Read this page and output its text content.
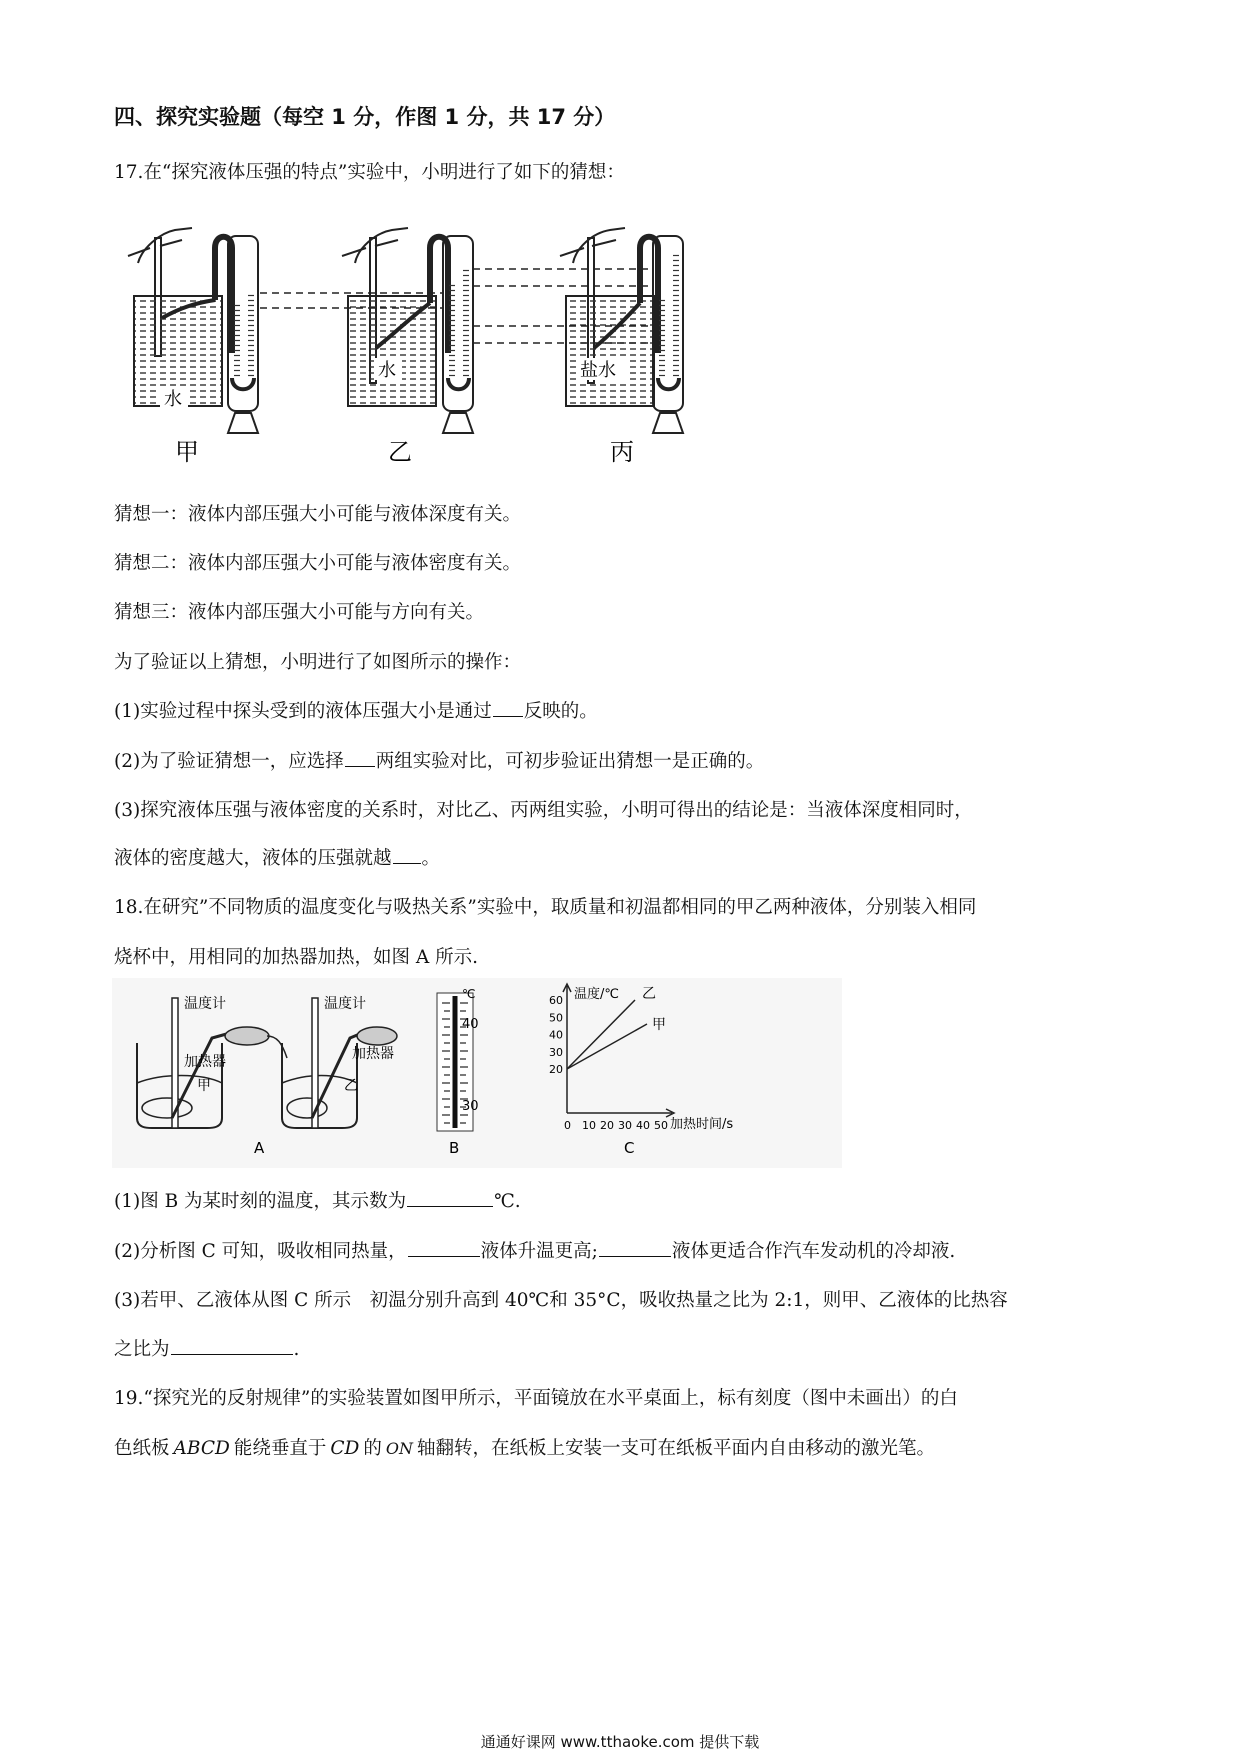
四、探究实验题（每空 1 分，作图 1 分，共 17 分）
17.在“探究液体压强的特点”实验中，小明进行了如下的猜想：
水
甲
水
乙
盐水
丙
猜想一：液体内部压强大小可能与液体深度有关。
猜想二：液体内部压强大小可能与液体密度有关。
猜想三：液体内部压强大小可能与方向有关。
为了验证以上猜想，小明进行了如图所示的操作：
(1)实验过程中探头受到的液体压强大小是通过 反映的。
(2)为了验证猜想一，应选择 两组实验对比，可初步验证出猜想一是正确的。
(3)探究液体压强与液体密度的关系时，对比乙、丙两组实验，小明可得出的结论是：当液体深度相同时，
液体的密度越大，液体的压强就越 。
18.在研究”不同物质的温度变化与吸热关系”实验中，取质量和初温都相同的甲乙两种液体，分别装入相同
烧杯中，用相同的加热器加热，如图 A 所示.
温度计
加热器
甲
温度计
加热器
乙
A
℃
40
30
B
60
50
40
30
20
0 10 20 30 40 50
温度/℃
加热时间/s
乙
甲
C
(1)图 B 为某时刻的温度，其示数为	℃.
(2)分析图 C 可知，吸收相同热量，	液体升温更高;	液体更适合作汽车发动机的冷却液.
(3)若甲、乙液体从图 C 所示　初温分别升高到 40℃和 35°C，吸收热量之比为 2:1，则甲、乙液体的比热容
之比为	.
19.“探究光的反射规律”的实验装置如图甲所示，平面镜放在水平桌面上，标有刻度（图中未画出）的白
色纸板 ABCD 能绕垂直于 CD 的 ON 轴翻转，在纸板上安装一支可在纸板平面内自由移动的激光笔。
通通好课网 www.tthaoke.com 提供下载
